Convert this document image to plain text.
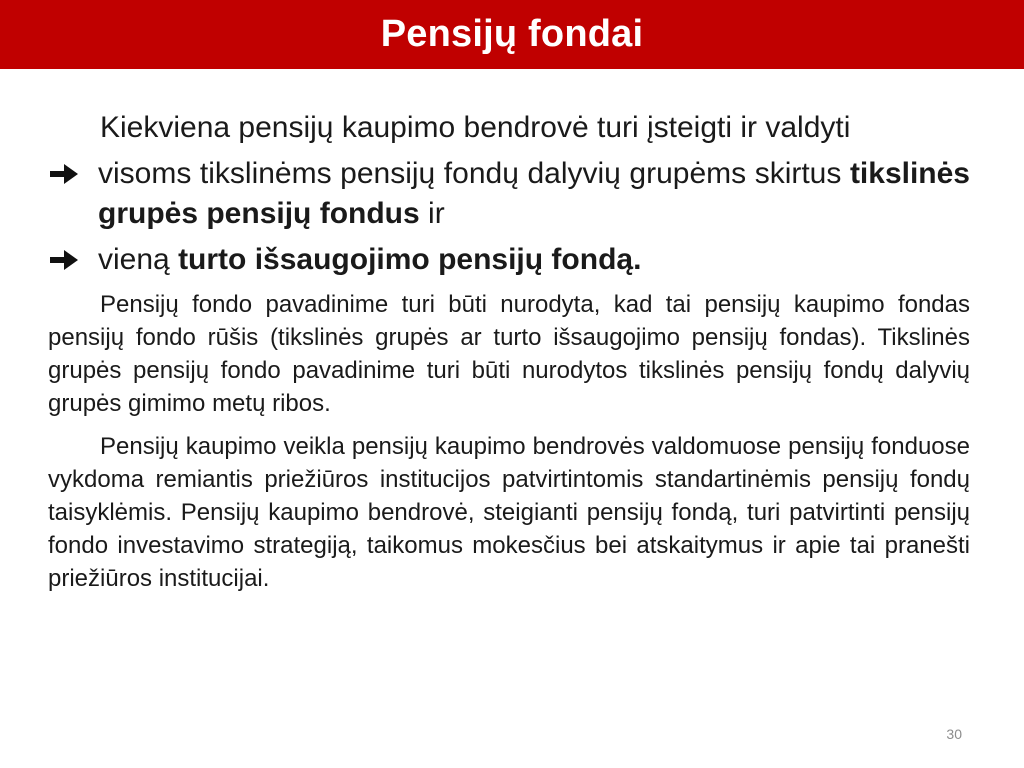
Pensijų fondai

Kiekviena pensijų kaupimo bendrovė turi įsteigti ir valdyti

visoms tikslinėms pensijų fondų dalyvių grupėms skirtus tikslinės grupės pensijų fondus ir
vieną turto išsaugojimo pensijų fondą.

Pensijų fondo pavadinime turi būti nurodyta, kad tai pensijų kaupimo fondas pensijų fondo rūšis (tikslinės grupės ar turto išsaugojimo pensijų fondas). Tikslinės grupės pensijų fondo pavadinime turi būti nurodytos tikslinės pensijų fondų dalyvių grupės gimimo metų ribos.

Pensijų kaupimo veikla pensijų kaupimo bendrovės valdomuose pensijų fonduose vykdoma remiantis priežiūros institucijos patvirtintomis standartinėmis pensijų fondų taisyklėmis. Pensijų kaupimo bendrovė, steigianti pensijų fondą, turi patvirtinti pensijų fondo investavimo strategiją, taikomus mokesčius bei atskaitymus ir apie tai pranešti priežiūros institucijai.

30
